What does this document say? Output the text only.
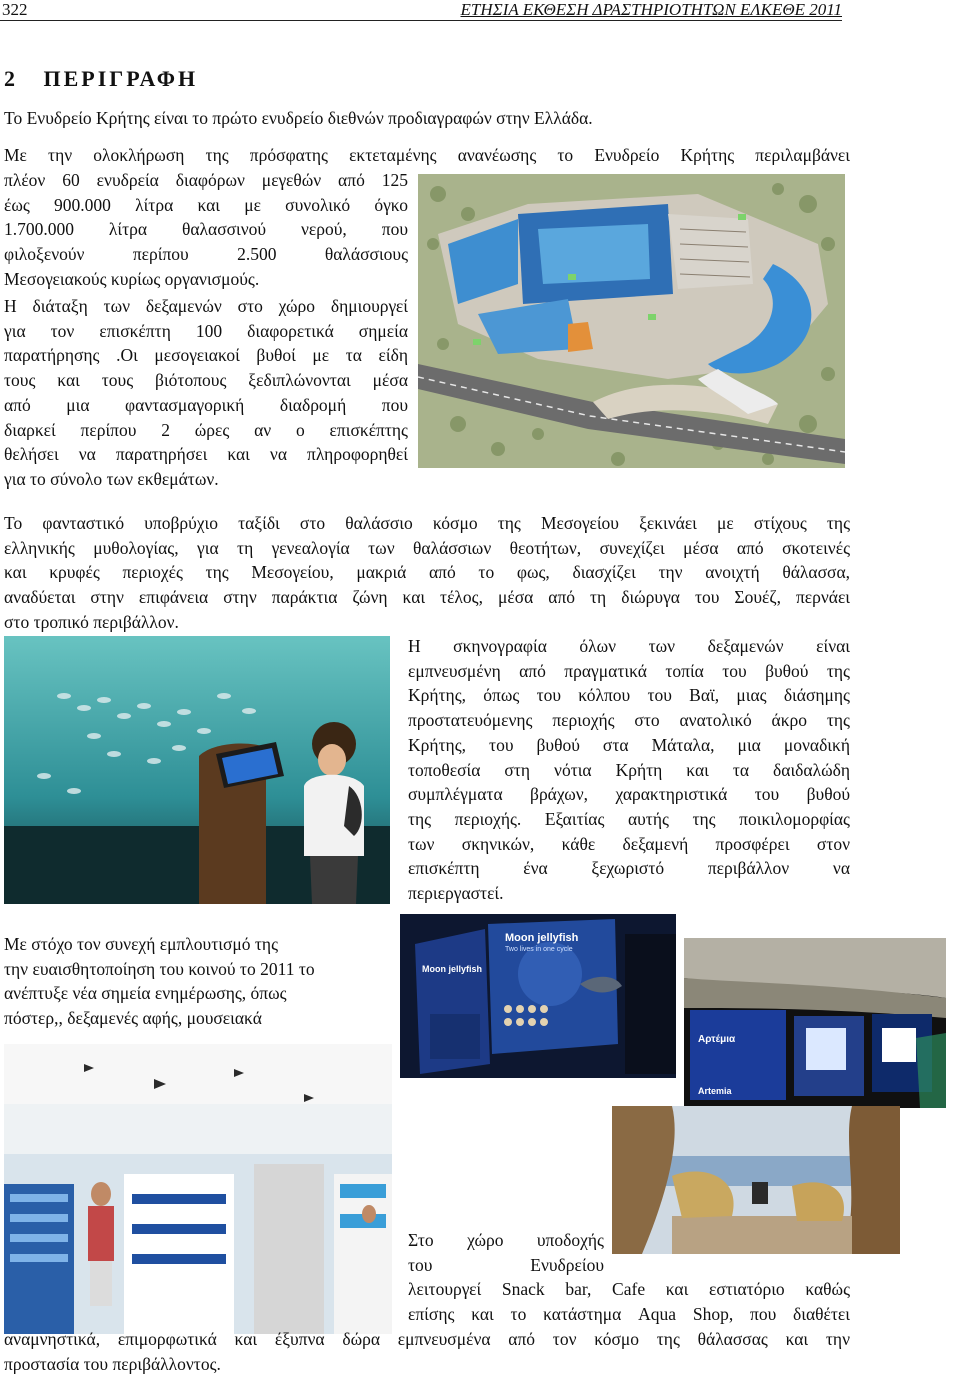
322	ΕΤΗΣΙΑ ΕΚΘΕΣΗ ΔΡΑΣΤΗΡΙΟΤΗΤΩΝ ΕΛΚΕΘΕ 2011
2 ΠΕΡΙΓΡΑΦΗ

Το Ενυδρείο Κρήτης είναι το πρώτο ενυδρείο διεθνών προδιαγραφών στην Ελλάδα.

Με την ολοκλήρωση της πρόσφατης εκτεταμένης ανανέωσης το Ενυδρείο Κρήτης περιλαμβάνει

πλέον 60 ενυδρεία διαφόρων μεγεθών από 125

έως 900.000 λίτρα και με συνολικό όγκο

1.700.000 λίτρα θαλασσινού νερού, που

φιλοξενούν περίπου 2.500 θαλάσσιους

Μεσογειακούς κυρίως οργανισμούς.

Η διάταξη των δεξαμενών στο χώρο δημιουργεί

για τον επισκέπτη 100 διαφορετικά σημεία

παρατήρησης .Οι μεσογειακοί βυθοί με τα είδη

τους και τους βιότοπους ξεδιπλώνονται μέσα

από μια φαντασμαγορική διαδρομή που

διαρκεί περίπου 2 ώρες αν ο επισκέπτης

θελήσει να παρατηρήσει και να πληροφορηθεί

για το σύνολο των εκθεμάτων.

Το φανταστικό υποβρύχιο ταξίδι στο θαλάσσιο κόσμο της Μεσογείου ξεκινάει με στίχους της

ελληνικής μυθολογίας, για τη γενεαλογία των θαλάσσιων θεοτήτων, συνεχίζει μέσα από σκοτεινές

και κρυφές περιοχές της Μεσογείου, μακριά από το φως, διασχίζει την ανοιχτή θάλασσα,

αναδύεται στην επιφάνεια στην παράκτια ζώνη και τέλος, μέσα από τη διώρυγα του Σουέζ, περνάει

στο τροπικό περιβάλλον.

Η σκηνογραφία όλων των δεξαμενών είναι

εμπνευσμένη από πραγματικά τοπία του βυθού της

Κρήτης, όπως του κόλπου του Βαϊ, μιας διάσημης

προστατευόμενης περιοχής στο ανατολικό άκρο της

Κρήτης, του βυθού στα Μάταλα, μια μοναδική

τοποθεσία στη νότια Κρήτη και τα δαιδαλώδη

συμπλέγματα βράχων, χαρακτηριστικά του βυθού

της περιοχής. Εξαιτίας αυτής της ποικιλομορφίας

των σκηνικών, κάθε δεξαμενή προσφέρει στον

επισκέπτη ένα ξεχωριστό περιβάλλον να

περιεργαστεί.

Με στόχο τον συνεχή εμπλουτισμό της

την ευαισθητοποίηση του κοινού το 2011 το

ανέπτυξε νέα σημεία ενημέρωσης, όπως

πόστερ,, δεξαμενές αφής, μουσειακά

Moon jellyfish
Two lives in one cycle
Moon jellyfish
Αρτέμια
Artemia

Στο χώρο υποδοχής

του Ενυδρείου

λειτουργεί Snack bar, Cafe και εστιατόριο καθώς

επίσης και το κατάστημα Aqua Shop, που διαθέτει

αναμνηστικά, επιμορφωτικά και έξυπνα δώρα εμπνευσμένα από τον κόσμο της θάλασσας και την

προστασία του περιβάλλοντος.
